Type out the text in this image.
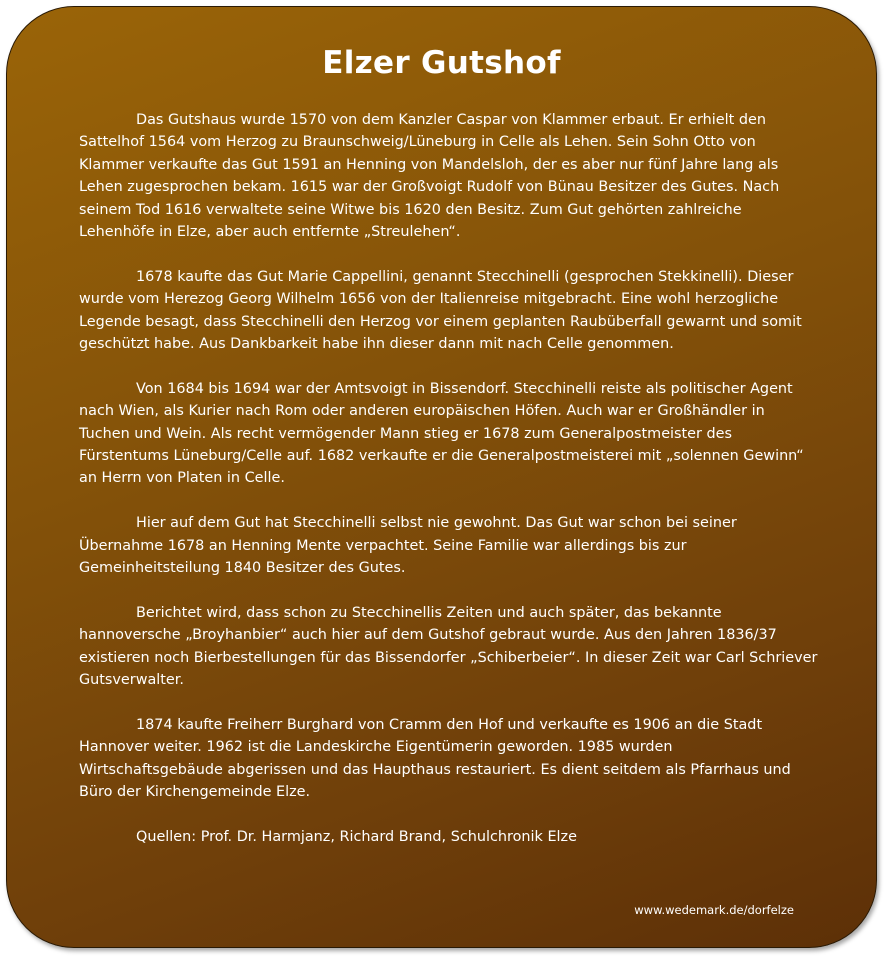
Elzer Gutshof

Das Gutshaus wurde 1570 von dem Kanzler Caspar von Klammer erbaut. Er erhielt den Sattelhof 1564 vom Herzog zu Braunschweig/Lüneburg in Celle als Lehen. Sein Sohn Otto von Klammer verkaufte das Gut 1591 an Henning von Mandelsloh, der es aber nur fünf Jahre lang als Lehen zugesprochen bekam. 1615 war der Großvoigt Rudolf von Bünau Besitzer des Gutes. Nach seinem Tod 1616 verwaltete seine Witwe bis 1620 den Besitz. Zum Gut gehörten zahlreiche Lehenhöfe in Elze, aber auch entfernte „Streulehen“.

1678 kaufte das Gut Marie Cappellini, genannt Stecchinelli (gesprochen Stekkinelli). Dieser wurde vom Herezog Georg Wilhelm 1656 von der Italienreise mitgebracht. Eine wohl herzogliche Legende besagt, dass Stecchinelli den Herzog vor einem geplanten Raubüberfall gewarnt und somit geschützt habe. Aus Dankbarkeit habe ihn dieser dann mit nach Celle genommen.

Von 1684 bis 1694 war der Amtsvoigt in Bissendorf. Stecchinelli reiste als politischer Agent nach Wien, als Kurier nach Rom oder anderen europäischen Höfen. Auch war er Großhändler in Tuchen und Wein. Als recht vermögender Mann stieg er 1678 zum Generalpostmeister des Fürstentums Lüneburg/Celle auf. 1682 verkaufte er die Generalpostmeisterei mit „solennen Gewinn“ an Herrn von Platen in Celle.

Hier auf dem Gut hat Stecchinelli selbst nie gewohnt. Das Gut war schon bei seiner Übernahme 1678 an Henning Mente verpachtet. Seine Familie war allerdings bis zur Gemeinheitsteilung 1840 Besitzer des Gutes.

Berichtet wird, dass schon zu Stecchinellis Zeiten und auch später, das bekannte hannoversche „Broyhanbier“ auch hier auf dem Gutshof gebraut wurde. Aus den Jahren 1836/37 existieren noch Bierbestellungen für das Bissendorfer „Schiberbeier“. In dieser Zeit war Carl Schriever Gutsverwalter.

1874 kaufte Freiherr Burghard von Cramm den Hof und verkaufte es 1906 an die Stadt Hannover weiter. 1962 ist die Landeskirche Eigentümerin geworden. 1985 wurden Wirtschaftsgebäude abgerissen und das Haupthaus restauriert. Es dient seitdem als Pfarrhaus und Büro der Kirchengemeinde Elze.

Quellen: Prof. Dr. Harmjanz, Richard Brand, Schulchronik Elze

www.wedemark.de/dorfelze
